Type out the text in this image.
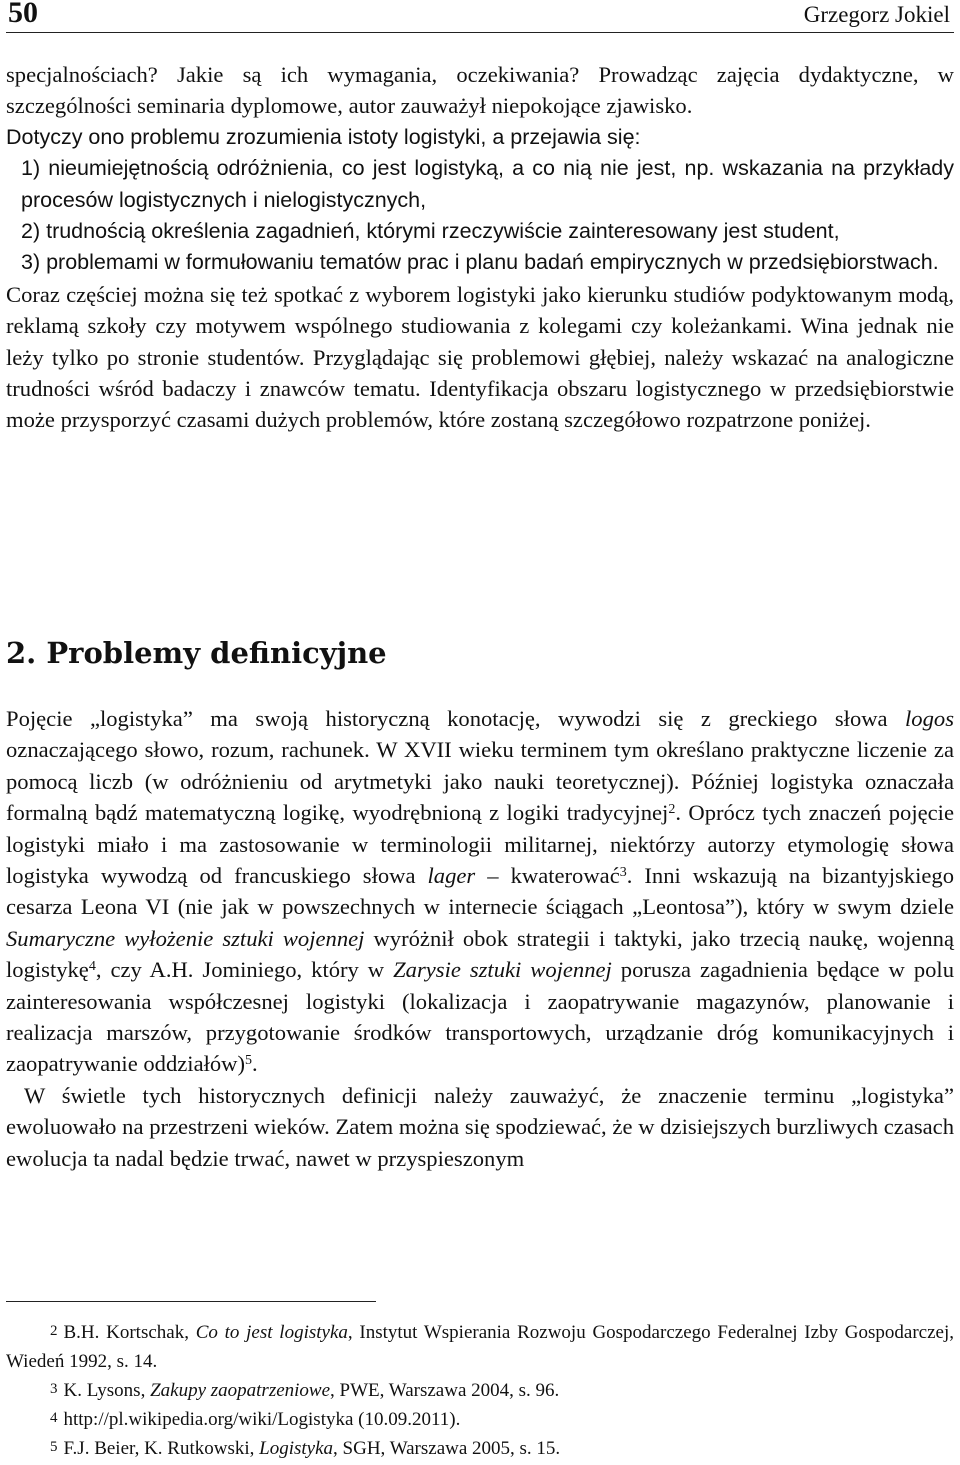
50	Grzegorz Jokiel

specjalnościach? Jakie są ich wymagania, oczekiwania? Prowadząc zajęcia dydaktyczne, w szczególności seminaria dyplomowe, autor zauważył niepokojące zjawisko.

Dotyczy ono problemu zrozumienia istoty logistyki, a przejawia się:

1) nieumiejętnością odróżnienia, co jest logistyką, a co nią nie jest, np. wskazania na przykłady procesów logistycznych i nielogistycznych,

2) trudnością określenia zagadnień, którymi rzeczywiście zainteresowany jest student,

3) problemami w formułowaniu tematów prac i planu badań empirycznych w przedsiębiorstwach.

Coraz częściej można się też spotkać z wyborem logistyki jako kierunku studiów podyktowanym modą, reklamą szkoły czy motywem wspólnego studiowania z kolegami czy koleżankami. Wina jednak nie leży tylko po stronie studentów. Przyglądając się problemowi głębiej, należy wskazać na analogiczne trudności wśród badaczy i znawców tematu. Identyfikacja obszaru logistycznego w przedsiębiorstwie może przysporzyć czasami dużych problemów, które zostaną szczegółowo rozpatrzone poniżej.

2. Problemy definicyjne

Pojęcie „logistyka” ma swoją historyczną konotację, wywodzi się z greckiego słowa logos oznaczającego słowo, rozum, rachunek. W XVII wieku terminem tym określano praktyczne liczenie za pomocą liczb (w odróżnieniu od arytmetyki jako nauki teoretycznej). Później logistyka oznaczała formalną bądź matematyczną logikę, wyodrębnioną z logiki tradycyjnej$^2$. Oprócz tych znaczeń pojęcie logistyki miało i ma zastosowanie w terminologii militarnej, niektórzy autorzy etymologię słowa logistyka wywodzą od francuskiego słowa lager – kwaterować$^3$. Inni wskazują na bizantyjskiego cesarza Leona VI (nie jak w powszechnych w internecie ściągach „Leontosa”), który w swym dziele Sumaryczne wyłożenie sztuki wojennej wyróżnił obok strategii i taktyki, jako trzecią naukę, wojenną logistykę$^4$, czy A.H. Jominiego, który w Zarysie sztuki wojennej porusza zagadnienia będące w polu zainteresowania współczesnej logistyki (lokalizacja i zaopatrywanie magazynów, planowanie i realizacja marszów, przygotowanie środków transportowych, urządzanie dróg komunikacyjnych i zaopatrywanie oddziałów)$^5$.

W świetle tych historycznych definicji należy zauważyć, że znaczenie terminu „logistyka” ewoluowało na przestrzeni wieków. Zatem można się spodziewać, że w dzisiejszych burzliwych czasach ewolucja ta nadal będzie trwać, nawet w przyspieszonym

2 B.H. Kortschak, Co to jest logistyka, Instytut Wspierania Rozwoju Gospodarczego Federalnej Izby Gospodarczej, Wiedeń 1992, s. 14.

3 K. Lysons, Zakupy zaopatrzeniowe, PWE, Warszawa 2004, s. 96.

4 http://pl.wikipedia.org/wiki/Logistyka (10.09.2011).

5 F.J. Beier, K. Rutkowski, Logistyka, SGH, Warszawa 2005, s. 15.
